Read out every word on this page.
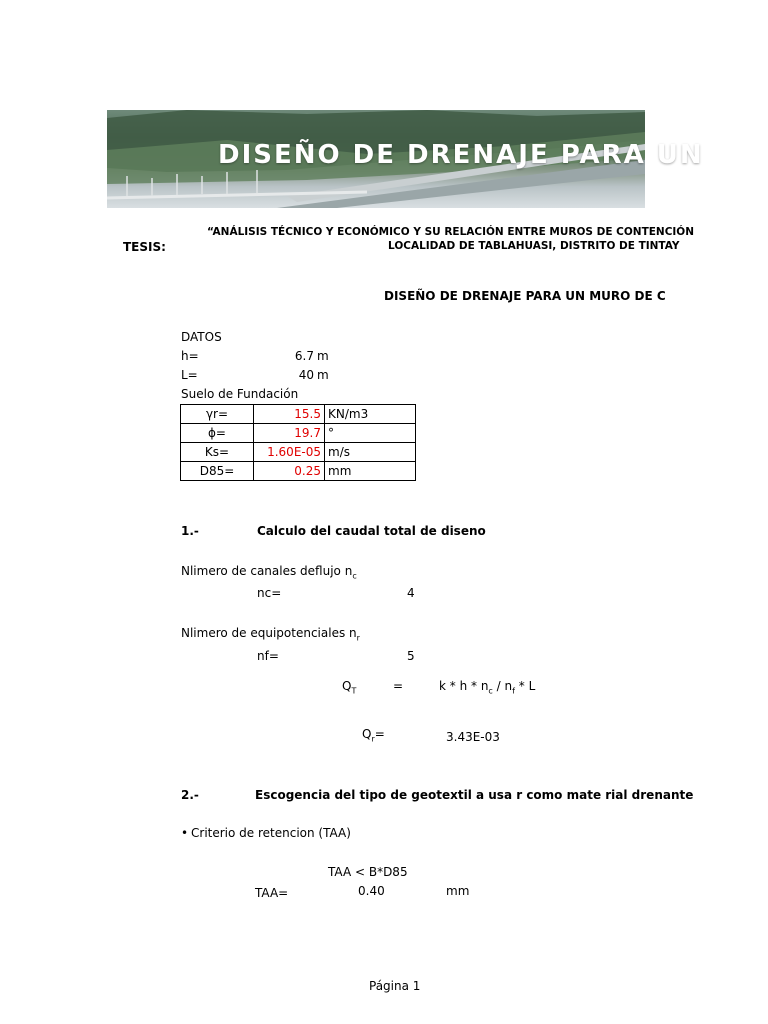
DISEÑO DE DRENAJE PARA UN
“ANÁLISIS TÉCNICO Y ECONÓMICO Y SU RELACIÓN ENTRE MUROS DE CONTENCIÓN
TESIS:	LOCALIDAD DE TABLAHUASI, DISTRITO DE TINTAY
DISEÑO DE DRENAJE PARA UN MURO DE C
DATOS
h=	6.7 m
L=	40 m
Suelo de Fundación
γr=	15.5	KN/m3
ϕ=	19.7	°
Ks=	1.60E-05	m/s
D85=	0.25	mm
1.-	Calculo del caudal total de diseno
Nlimero de canales deflujo $n_c$
nc=	4
Nlimero de equipotenciales $n_r$
nf=	5
$Q_T$	=	k * h * $n_c / n_f$ * L
$Q_r=$	3.43E-03
2.-	Escogencia del tipo de geotextil a usa r como mate rial drenante
• Criterio de retencion (TAA)
TAA < B*D85
TAA=	0.40	mm
Página 1
